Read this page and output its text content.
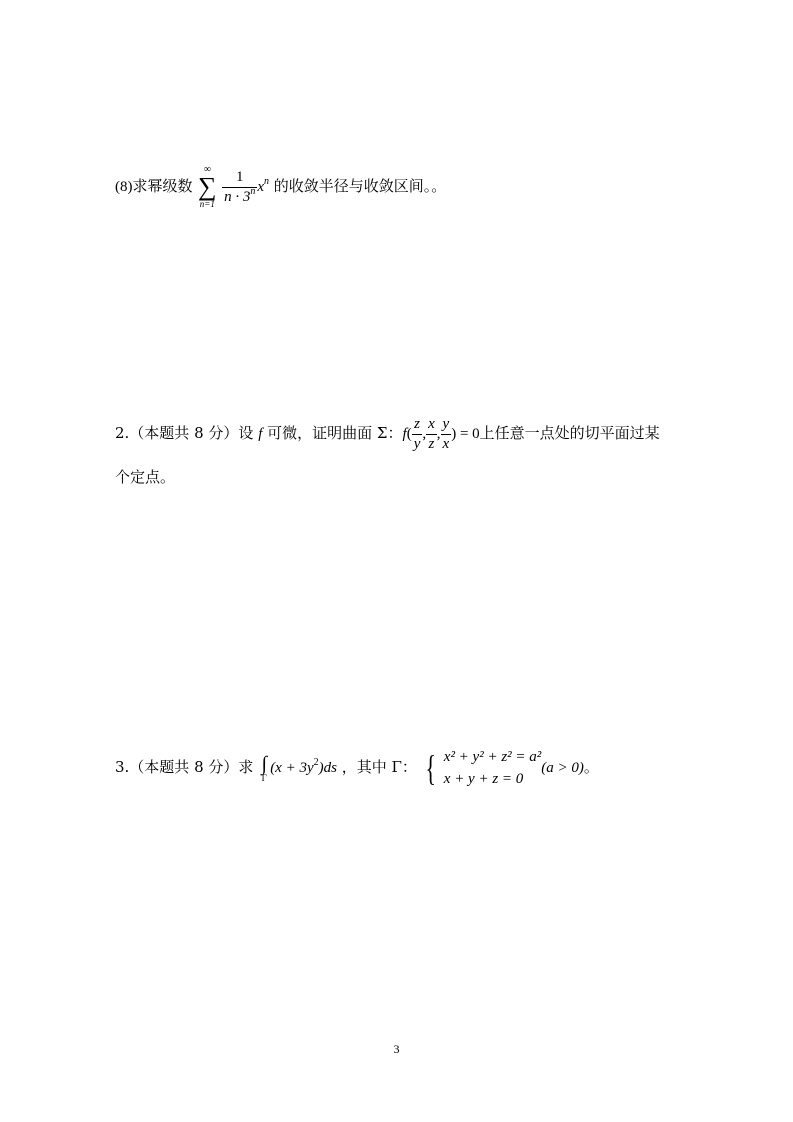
(8)求幂级数
∞
∑
n=1
$\frac{1}{n \cdot 3^n} x^n$ 的收敛半径与收敛区间。。
2.（本题共 8 分）设 f 可微，证明曲面 Σ：$f( \frac{z}{y}$ , $\frac{x}{z}$ , $\frac{y}{x}$ ) = 0上任意一点处的切平面过某
个定点。
3.（本题共 8 分）求 ∫
Γ
$(x + 3y^2)ds$ ，其中 Γ： { x² + y² + z² = a²
x + y + z = 0
(a > 0)。
3
